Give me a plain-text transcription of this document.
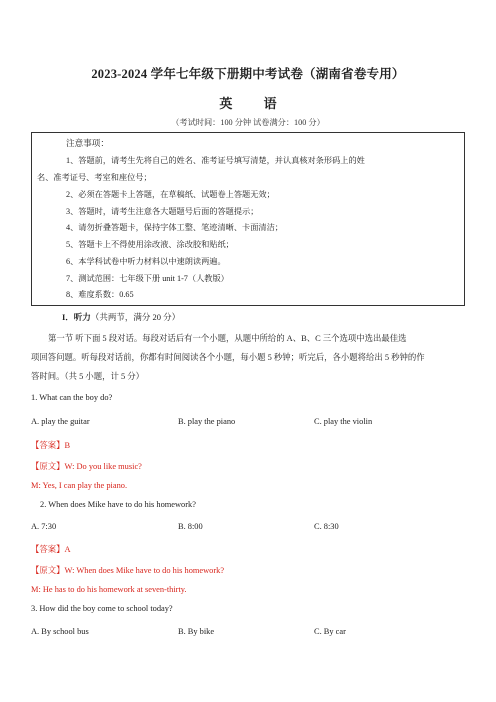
2023-2024 学年七年级下册期中考试卷（湖南省卷专用）
英 语
（考试时间：100 分钟 试卷满分：100 分）
注意事项：
1、答题前，请考生先将自己的姓名、准考证号填写清楚，并认真核对条形码上的姓
名、准考证号、考室和座位号；
2、必须在答题卡上答题，在草稿纸、试题卷上答题无效；
3、答题时，请考生注意各大题题号后面的答题提示；
4、请勿折叠答题卡，保持字体工整、笔迹清晰、卡面清洁；
5、答题卡上不得使用涂改液、涂改胶和贴纸；
6、本学科试卷中听力材料以中速朗读两遍。
7、测试范围：七年级下册 unit 1-7（人教版）
8、难度系数：0.65
I．听力（共两节，满分 20 分）
第一节 听下面 5 段对话。每段对话后有一个小题，从题中所给的 A、B、C 三个选项中选出最佳选
项回答问题。听每段对话前，你都有时间阅读各个小题，每小题 5 秒钟；听完后，各小题将给出 5 秒钟的作
答时间。（共 5 小题，计 5 分）
1. What can the boy do?
A. play the guitar	B. play the piano	C. play the violin
【答案】B
【原文】W: Do you like music?
M: Yes, I can play the piano.
2. When does Mike have to do his homework?
A. 7:30	B. 8:00	C. 8:30
【答案】A
【原文】W: When does Mike have to do his homework?
M: He has to do his homework at seven-thirty.
3. How did the boy come to school today?
A. By school bus	B. By bike	C. By car
